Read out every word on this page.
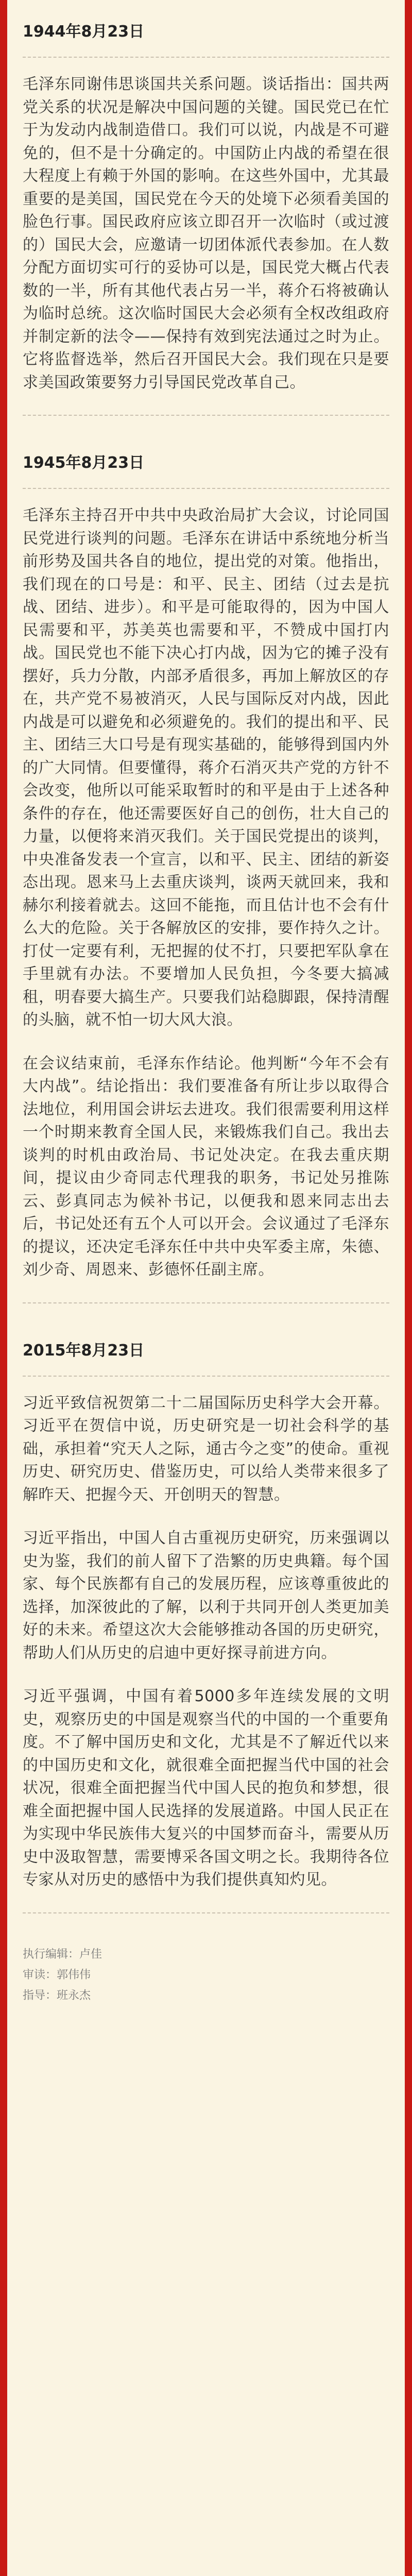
1944年8月23日

毛泽东同谢伟思谈国共关系问题。谈话指出：国共两党关系的状况是解决中国问题的关键。国民党已在忙于为发动内战制造借口。我们可以说，内战是不可避免的，但不是十分确定的。中国防止内战的希望在很大程度上有赖于外国的影响。在这些外国中，尤其最重要的是美国，国民党在今天的处境下必须看美国的脸色行事。国民政府应该立即召开一次临时（或过渡的）国民大会，应邀请一切团体派代表参加。在人数分配方面切实可行的妥协可以是，国民党大概占代表数的一半，所有其他代表占另一半，蒋介石将被确认为临时总统。这次临时国民大会必须有全权改组政府并制定新的法令——保持有效到宪法通过之时为止。它将监督选举，然后召开国民大会。我们现在只是要求美国政策要努力引导国民党改革自己。

1945年8月23日

毛泽东主持召开中共中央政治局扩大会议，讨论同国民党进行谈判的问题。毛泽东在讲话中系统地分析当前形势及国共各自的地位，提出党的对策。他指出，我们现在的口号是：和平、民主、团结（过去是抗战、团结、进步）。和平是可能取得的，因为中国人民需要和平，苏美英也需要和平，不赞成中国打内战。国民党也不能下决心打内战，因为它的摊子没有摆好，兵力分散，内部矛盾很多，再加上解放区的存在，共产党不易被消灭，人民与国际反对内战，因此内战是可以避免和必须避免的。我们的提出和平、民主、团结三大口号是有现实基础的，能够得到国内外的广大同情。但要懂得，蒋介石消灭共产党的方针不会改变，他所以可能采取暂时的和平是由于上述各种条件的存在，他还需要医好自己的创伤，壮大自己的力量，以便将来消灭我们。关于国民党提出的谈判，中央准备发表一个宣言，以和平、民主、团结的新姿态出现。恩来马上去重庆谈判，谈两天就回来，我和赫尔利接着就去。这回不能拖，而且估计也不会有什么大的危险。关于各解放区的安排，要作持久之计。打仗一定要有利，无把握的仗不打，只要把军队拿在手里就有办法。不要增加人民负担，今冬要大搞减租，明春要大搞生产。只要我们站稳脚跟，保持清醒的头脑，就不怕一切大风大浪。

在会议结束前，毛泽东作结论。他判断“今年不会有大内战”。结论指出：我们要准备有所让步以取得合法地位，利用国会讲坛去进攻。我们很需要利用这样一个时期来教育全国人民，来锻炼我们自己。我出去谈判的时机由政治局、书记处决定。在我去重庆期间，提议由少奇同志代理我的职务，书记处另推陈云、彭真同志为候补书记，以便我和恩来同志出去后，书记处还有五个人可以开会。会议通过了毛泽东的提议，还决定毛泽东任中共中央军委主席，朱德、刘少奇、周恩来、彭德怀任副主席。

2015年8月23日

习近平致信祝贺第二十二届国际历史科学大会开幕。习近平在贺信中说，历史研究是一切社会科学的基础，承担着“究天人之际，通古今之变”的使命。重视历史、研究历史、借鉴历史，可以给人类带来很多了解昨天、把握今天、开创明天的智慧。

习近平指出，中国人自古重视历史研究，历来强调以史为鉴，我们的前人留下了浩繁的历史典籍。每个国家、每个民族都有自己的发展历程，应该尊重彼此的选择，加深彼此的了解，以利于共同开创人类更加美好的未来。希望这次大会能够推动各国的历史研究，帮助人们从历史的启迪中更好探寻前进方向。

习近平强调，中国有着5000多年连续发展的文明史，观察历史的中国是观察当代的中国的一个重要角度。不了解中国历史和文化，尤其是不了解近代以来的中国历史和文化，就很难全面把握当代中国的社会状况，很难全面把握当代中国人民的抱负和梦想，很难全面把握中国人民选择的发展道路。中国人民正在为实现中华民族伟大复兴的中国梦而奋斗，需要从历史中汲取智慧，需要博采各国文明之长。我期待各位专家从对历史的感悟中为我们提供真知灼见。

执行编辑：卢佳
审读：郭伟伟
指导：班永杰
